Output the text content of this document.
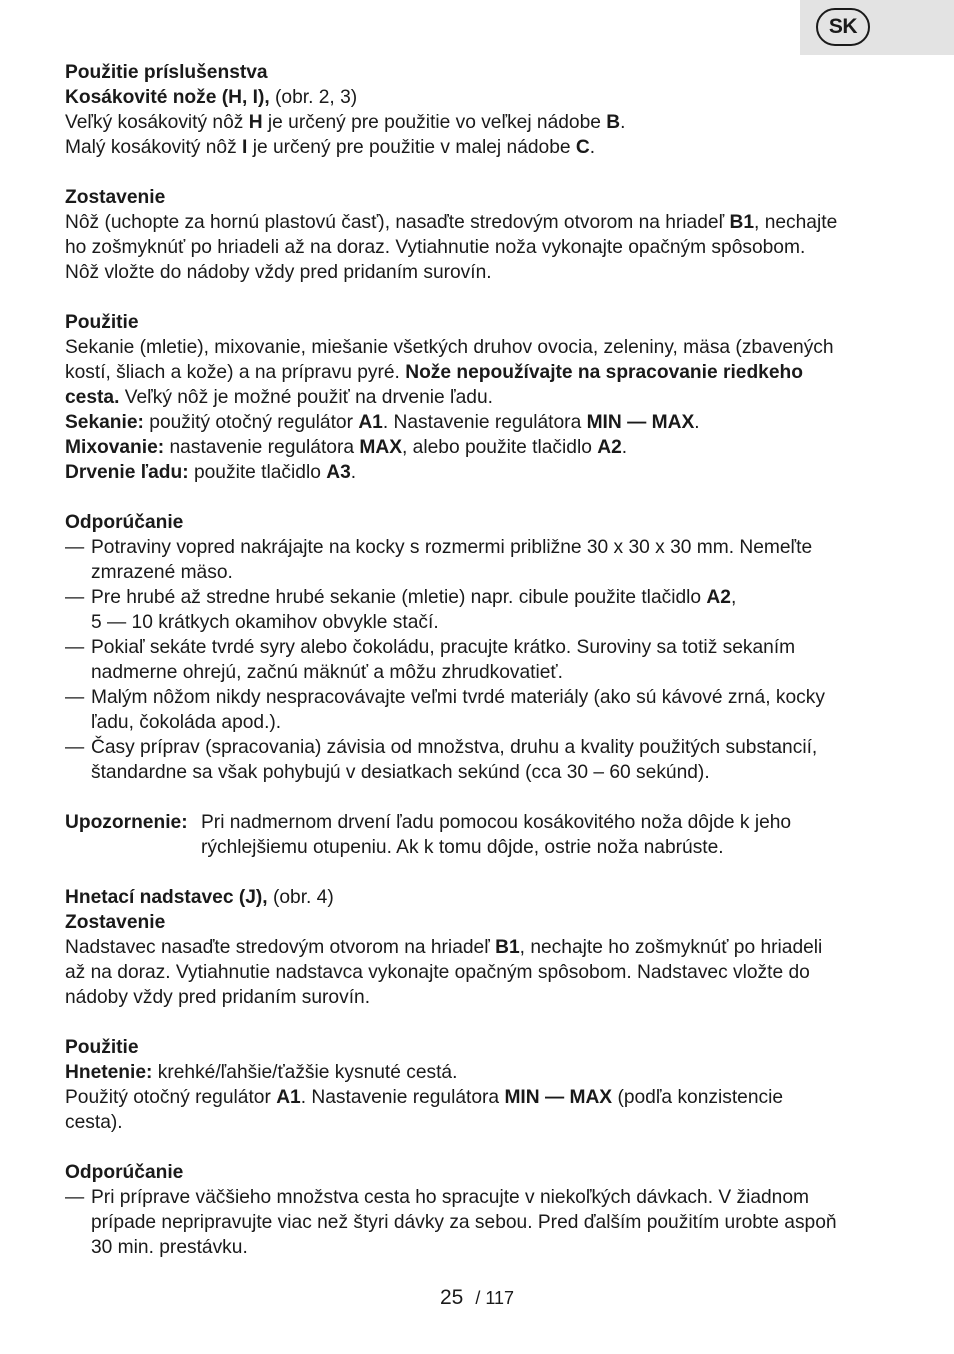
SK

Použitie príslušenstva

Kosákovité nože (H, I), (obr. 2, 3)

Veľký kosákovitý nôž H je určený pre použitie vo veľkej nádobe B.

Malý kosákovitý nôž I je určený pre použitie v malej nádobe C.

Zostavenie

Nôž (uchopte za hornú plastovú časť), nasaďte stredovým otvorom na hriadeľ B1, nechajte

ho zošmyknúť po hriadeli až na doraz. Vytiahnutie noža vykonajte opačným spôsobom.

Nôž vložte do nádoby vždy pred pridaním surovín.

Použitie

Sekanie (mletie), mixovanie, miešanie všetkých druhov ovocia, zeleniny, mäsa (zbavených

kostí, šliach a kože) a na prípravu pyré. Nože nepoužívajte na spracovanie riedkeho

cesta. Veľký nôž je možné použiť na drvenie ľadu.

Sekanie: použitý otočný regulátor A1. Nastavenie regulátora MIN — MAX.

Mixovanie: nastavenie regulátora MAX, alebo použite tlačidlo A2.

Drvenie ľadu: použite tlačidlo A3.

Odporúčanie

— Potraviny vopred nakrájajte na kocky s rozmermi približne 30 x 30 x 30 mm. Nemeľte
zmrazené mäso.
— Pre hrubé až stredne hrubé sekanie (mletie) napr. cibule použite tlačidlo A2,
5 — 10 krátkych okamihov obvykle stačí.
— Pokiaľ sekáte tvrdé syry alebo čokoládu, pracujte krátko. Suroviny sa totiž sekaním
nadmerne ohrejú, začnú mäknúť a môžu zhrudkovatieť.
— Malým nôžom nikdy nespracovávajte veľmi tvrdé materiály (ako sú kávové zrná, kocky
ľadu, čokoláda apod.).
— Časy príprav (spracovania) závisia od množstva, druhu a kvality použitých substancií,
štandardne sa však pohybujú v desiatkach sekúnd (cca 30 – 60 sekúnd).
Upozornenie: Pri nadmernom drvení ľadu pomocou kosákovitého noža dôjde k jeho
rýchlejšiemu otupeniu. Ak k tomu dôjde, ostrie noža nabrúste.

Hnetací nadstavec (J), (obr. 4)

Zostavenie

Nadstavec nasaďte stredovým otvorom na hriadeľ B1, nechajte ho zošmyknúť po hriadeli

až na doraz. Vytiahnutie nadstavca vykonajte opačným spôsobom. Nadstavec vložte do

nádoby vždy pred pridaním surovín.

Použitie

Hnetenie: krehké/ľahšie/ťažšie kysnuté cestá.

Použitý otočný regulátor A1. Nastavenie regulátora MIN — MAX (podľa konzistencie

cesta).

Odporúčanie

— Pri príprave väčšieho množstva cesta ho spracujte v niekoľkých dávkach. V žiadnom
prípade nepripravujte viac než štyri dávky za sebou. Pred ďalším použitím urobte aspoň
30 min. prestávku.
25 / 117
